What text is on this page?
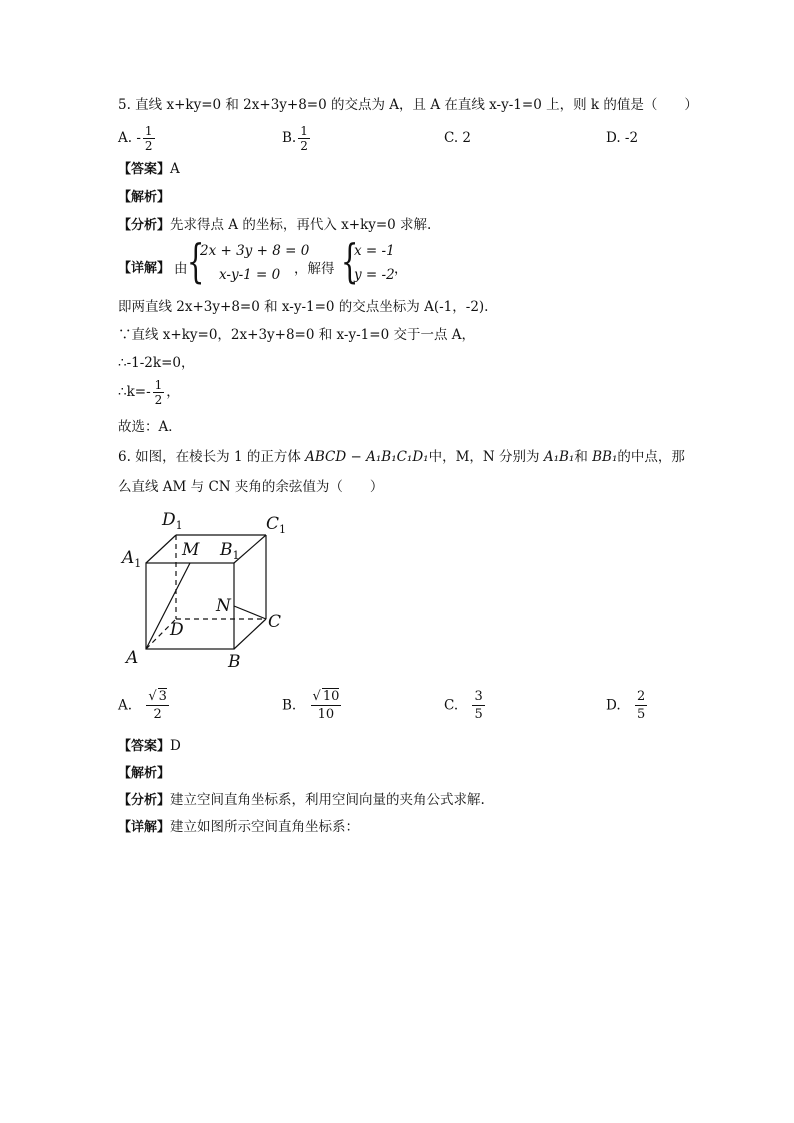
5. 直线 x+ky=0 和 2x+3y+8=0 的交点为 A，且 A 在直线 x-y-1=0 上，则 k 的值是（　　）
A. - $\frac{1}{2}$	B. $\frac{1}{2}$	C. 2	D. -2
【答案】A
【解析】
【分析】先求得点 A 的坐标，再代入 x+ky=0 求解.
【详解】 由 {
2x + 3y + 8 = 0
x-y-1 = 0 ，解得 {
x = -1
y = -2 ，
即两直线 2x+3y+8=0 和 x-y-1=0 的交点坐标为 A(-1，-2).
∵直线 x+ky=0，2x+3y+8=0 和 x-y-1=0 交于一点 A，
∴-1-2k=0，
∴k=- $\frac{1}{2}$ ，
故选：A．
6. 如图，在棱长为 1 的正方体 ABCD − A₁B₁C₁D₁中，M，N 分别为 A₁B₁和 BB₁的中点，那
么直线 AM 与 CN 夹角的余弦值为（　　）
$D_1$	$C_1$
$A_1$
$B_1$
M
N
D	C
A	B
A. $\frac{√ 3}{2}$	B. $\frac{√ 10}{10}$	C. $\frac{3}{5}$	D. $\frac{2}{5}$
【答案】D
【解析】
【分析】建立空间直角坐标系，利用空间向量的夹角公式求解.
【详解】建立如图所示空间直角坐标系：
